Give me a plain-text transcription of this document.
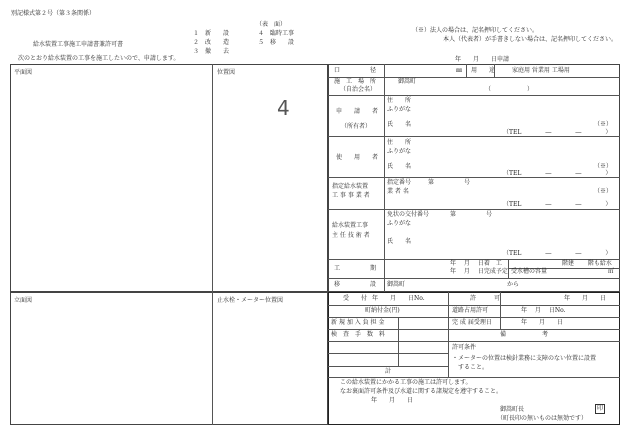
別記様式第２号（第３条関係）
（表　面）
給水装置工事施工申請書兼許可書
１　新　　設
２　改　　造
３　撤　　去
４　臨時工事
５　移　　設
（※）法人の場合は、記名押印してください。
本人（代表者）が手書きしない場合は、記名押印してください。
次のとおり給水装置の工事を施工したいので、申請します。	年　　月　　日申請
平面図	位置図
4
立面図	止水栓・メーター位置図
口　　　　　径	㎜ 用　　途	家庭用 営業用 工場用
施　工　場　所
（自治会名）
御嵩町
（　　　　　　）
申　　請　　者
（所有者）
住　　所
ふりがな
氏　　名	（※）
（TEL　　　　―　　　　―　　　　）
使　　用　　者
住　　所
ふりがな
氏　　名	（※）
（TEL　　　　―　　　　―　　　　）
指定給水装置
工 事 事 業 者
指定番号	第　　　　　号
業 者 名	（※）
（TEL　　　　―　　　　―　　　　）
給水装置工事
主 任 技 術 者
免状の交付番号	第　　　　　号
ふりがな
氏　　名
（TEL　　　　―　　　　―　　　　）
工　　　　　期
年　 月　 日着　工
年　 月　 日完成予定
階建　　 階も給水
受水槽の容量	㎥
移　　　　　設 御嵩町	から
受　　付 年　　月　　日No.	許　　　可	年　　月　　日
町納付金(円)	道路占用許可	年　 月　 日No.
新 規 加 入 負 担 金	完 成 届受理日	年　　月　　日
検　査　手　数　料	備　　　　　　考
許可条件
・メーターの位置は検針業務に支障のない位置に設置
　すること。
計
この給水装置にかかる工事の施工は許可します。
なお裏面許可条件及び水道に関する諸規定を遵守すること。
年　　月　　日
御嵩町長	印
（町長印の無いものは無効です）
